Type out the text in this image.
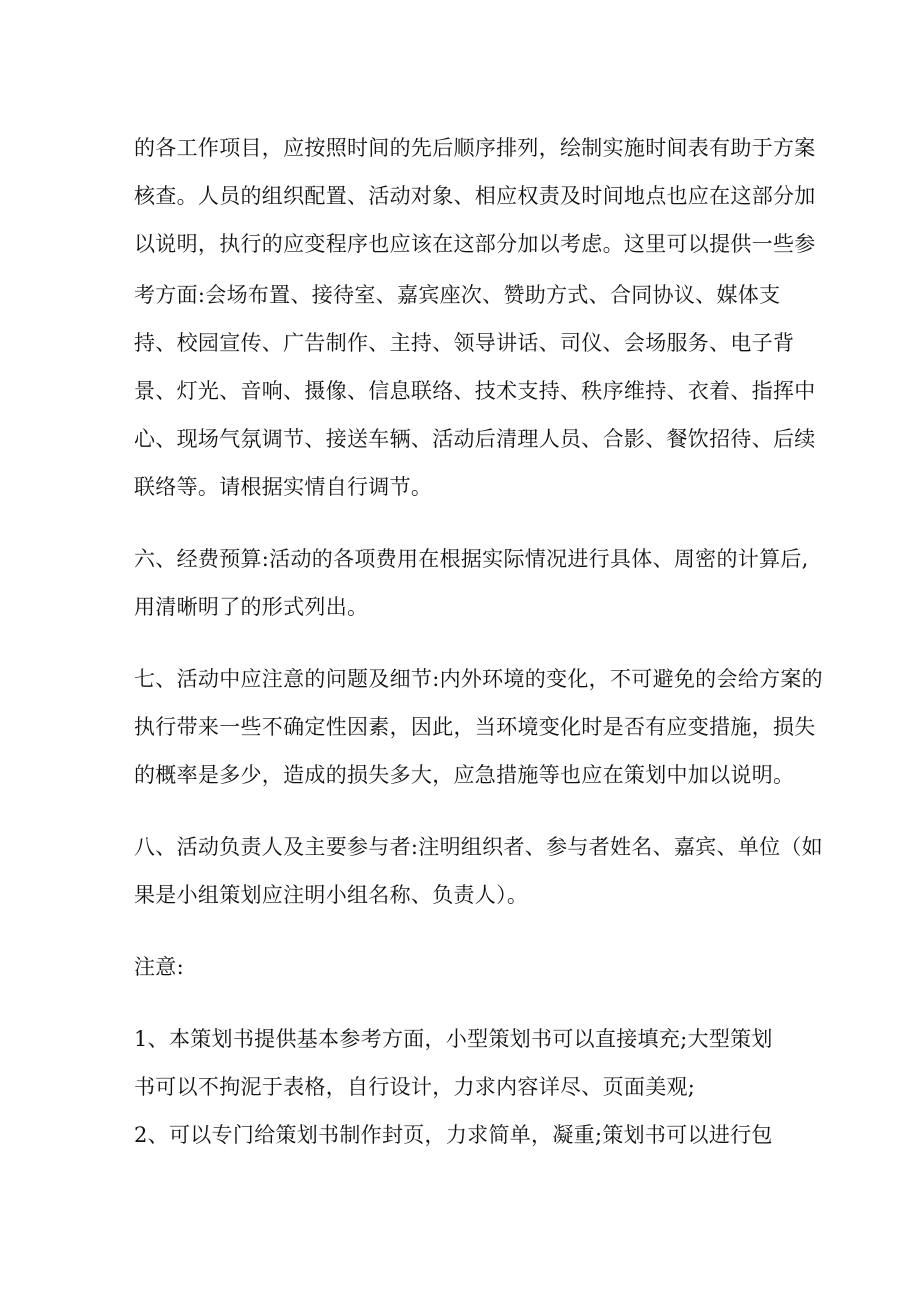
的各工作项目，应按照时间的先后顺序排列，绘制实施时间表有助于方案
核查。人员的组织配置、活动对象、相应权责及时间地点也应在这部分加
以说明，执行的应变程序也应该在这部分加以考虑。这里可以提供一些参
考方面:会场布置、接待室、嘉宾座次、赞助方式、合同协议、媒体支
持、校园宣传、广告制作、主持、领导讲话、司仪、会场服务、电子背
景、灯光、音响、摄像、信息联络、技术支持、秩序维持、衣着、指挥中
心、现场气氛调节、接送车辆、活动后清理人员、合影、餐饮招待、后续
联络等。请根据实情自行调节。
六、经费预算:活动的各项费用在根据实际情况进行具体、周密的计算后,
用清晰明了的形式列出。
七、活动中应注意的问题及细节:内外环境的变化，不可避免的会给方案的
执行带来一些不确定性因素，因此，当环境变化时是否有应变措施，损失
的概率是多少，造成的损失多大，应急措施等也应在策划中加以说明。
八、活动负责人及主要参与者:注明组织者、参与者姓名、嘉宾、单位（如
果是小组策划应注明小组名称、负责人）。
注意:
1、本策划书提供基本参考方面，小型策划书可以直接填充;大型策划
书可以不拘泥于表格，自行设计，力求内容详尽、页面美观;
2、可以专门给策划书制作封页，力求简单，凝重;策划书可以进行包
